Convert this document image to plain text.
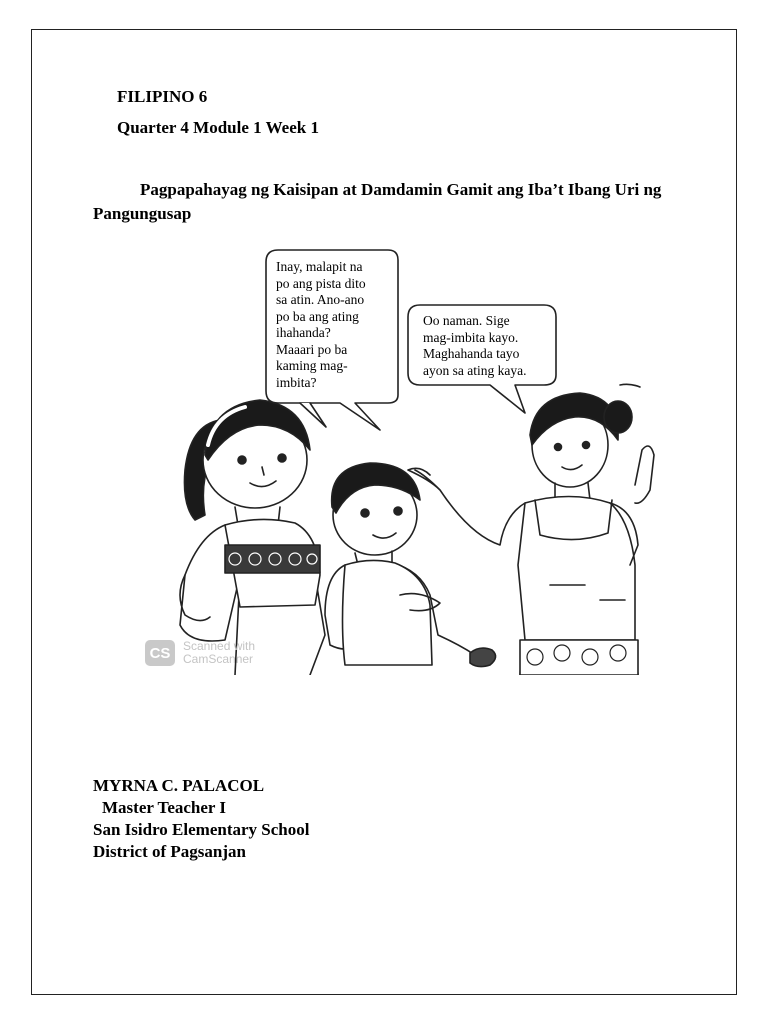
FILIPINO 6
Quarter 4 Module 1 Week 1
Pagpapahayag ng Kaisipan at Damdamin Gamit ang Iba’t Ibang Uri ng Pangungusap
Inay, malapit na
po ang pista dito
sa atin. Ano-ano
po ba ang ating
ihahanda?
Maaari po ba
kaming mag-
imbita?
Oo naman. Sige
mag-imbita kayo.
Maghahanda tayo
ayon sa ating kaya.
CS	Scanned with
CamScanner
MYRNA C. PALACOL
Master Teacher I
San Isidro Elementary School
District of Pagsanjan
